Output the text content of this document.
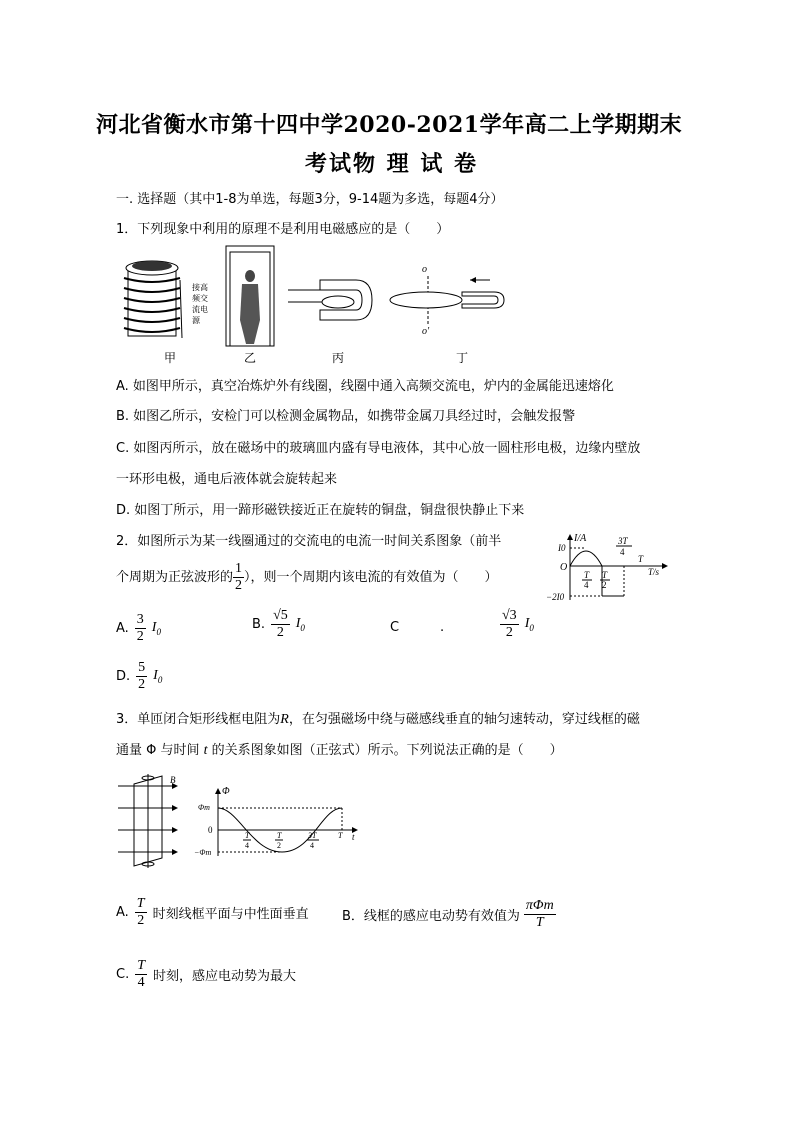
河北省衡水市第十四中学2020-2021学年高二上学期期末
考试物 理 试 卷
一. 选择题（其中1-8为单选，每题3分，9-14题为多选，每题4分）
1．下列现象中利用的原理不是利用电磁感应的是（　　）
接高
频交
流电
源
甲	乙	丙
o
o'
丁
A. 如图甲所示，真空冶炼炉外有线圈，线圈中通入高频交流电，炉内的金属能迅速熔化
B. 如图乙所示，安检门可以检测金属物品，如携带金属刀具经过时，会触发报警
C. 如图丙所示，放在磁场中的玻璃皿内盛有导电液体，其中心放一圆柱形电极，边缘内壁放
一环形电极，通电后液体就会旋转起来
D. 如图丁所示，用一蹄形磁铁接近正在旋转的铜盘，铜盘很快静止下来
2．如图所示为某一线圈通过的交流电的电流一时间关系图象（前半
个周期为正弦波形的 $\frac{1}{2}$ ），则一个周期内该电流的有效值为（　　）
I/A
I0
O
−2I0
T
4
T
2
3T
4
T
T/s
A. $\frac{3}{2} I_0$	B. $\frac{√5}{2} I_0$	C	.	$\frac{√3}{2} I_0$
D. $\frac{5}{2} I_0$
3．单匝闭合矩形线框电阻为R，在匀强磁场中绕与磁感线垂直的轴匀速转动，穿过线框的磁
通量 Φ 与时间 t 的关系图象如图（正弦式）所示。下列说法正确的是（　　）
B
Φ
Φm
0
−Φm
T
4
T
2
3T
4
T t
A. $\frac{T}{2}$ 时刻线框平面与中性面垂直	B．线框的感应电动势有效值为 $\frac{\text{πΦm}}{T}$
C. $\frac{T}{4}$ 时刻，感应电动势为最大
